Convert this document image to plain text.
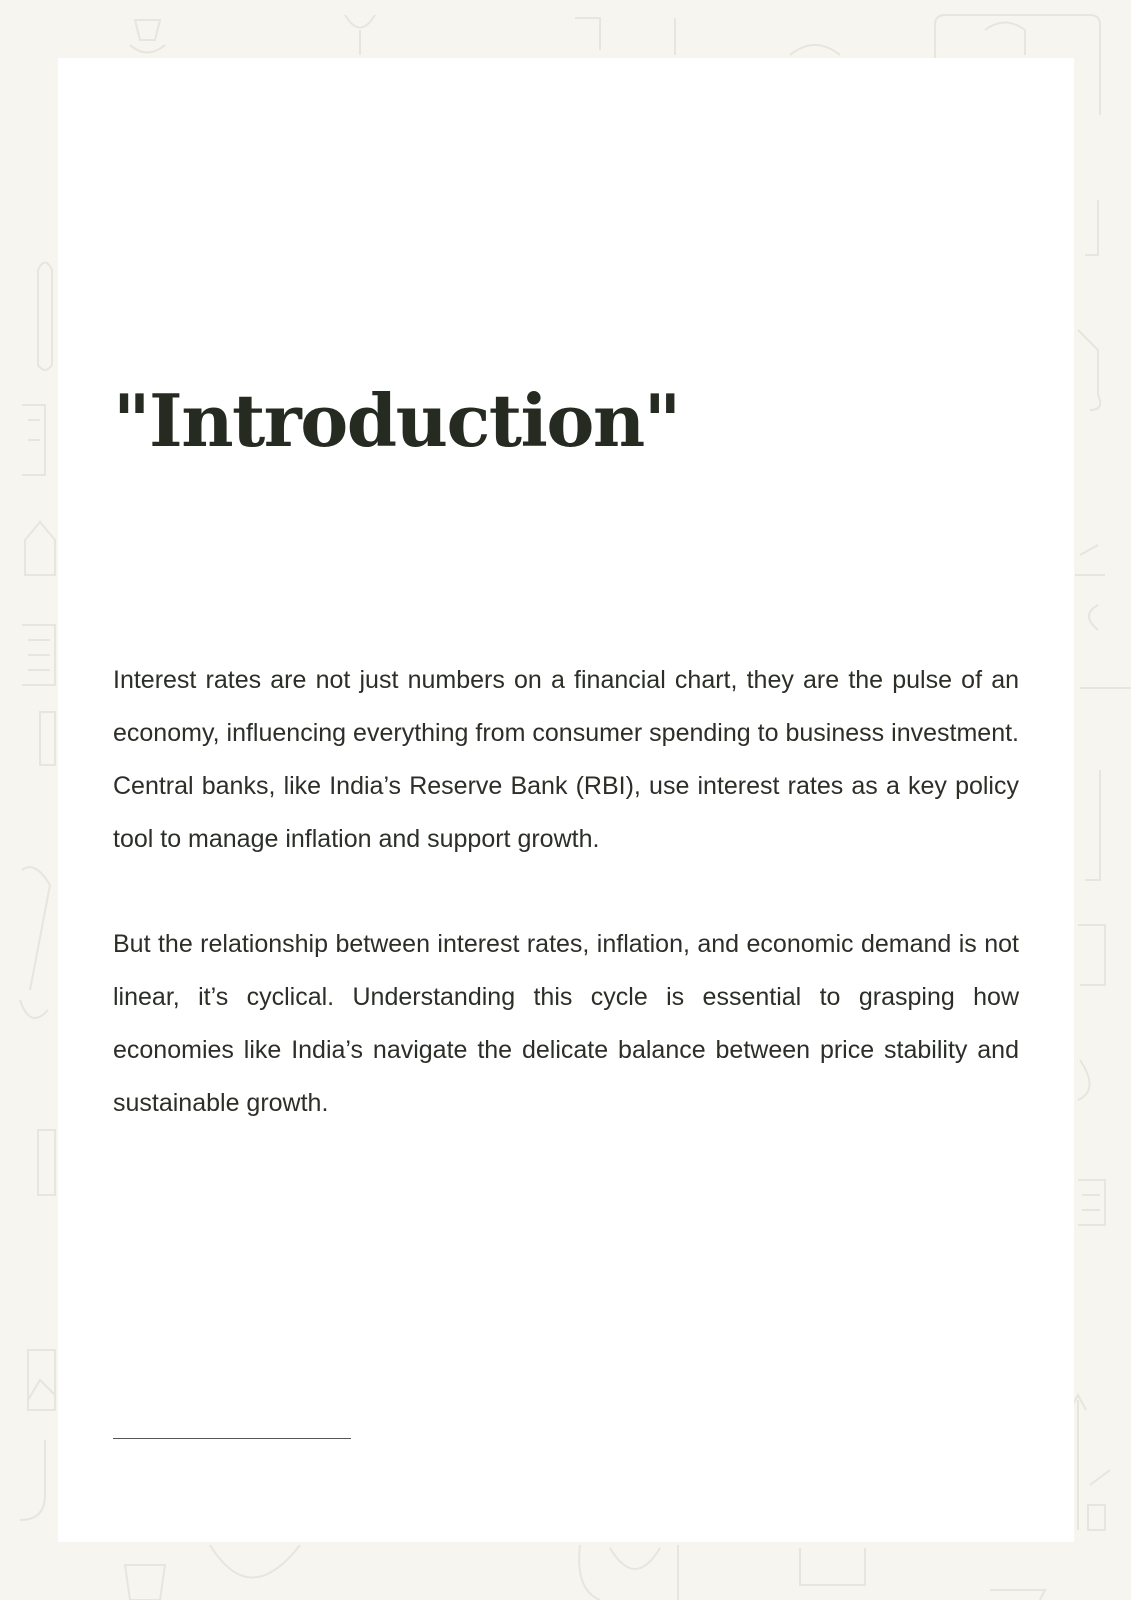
"Introduction"

Interest rates are not just numbers on a financial chart, they are the pulse of an economy, influencing everything from consumer spending to business investment. Central banks, like India’s Reserve Bank (RBI), use interest rates as a key policy tool to manage inflation and support growth.

But the relationship between interest rates, inflation, and economic demand is not linear, it’s cyclical. Understanding this cycle is essential to grasping how economies like India’s navigate the delicate balance between price stability and sustainable growth.
